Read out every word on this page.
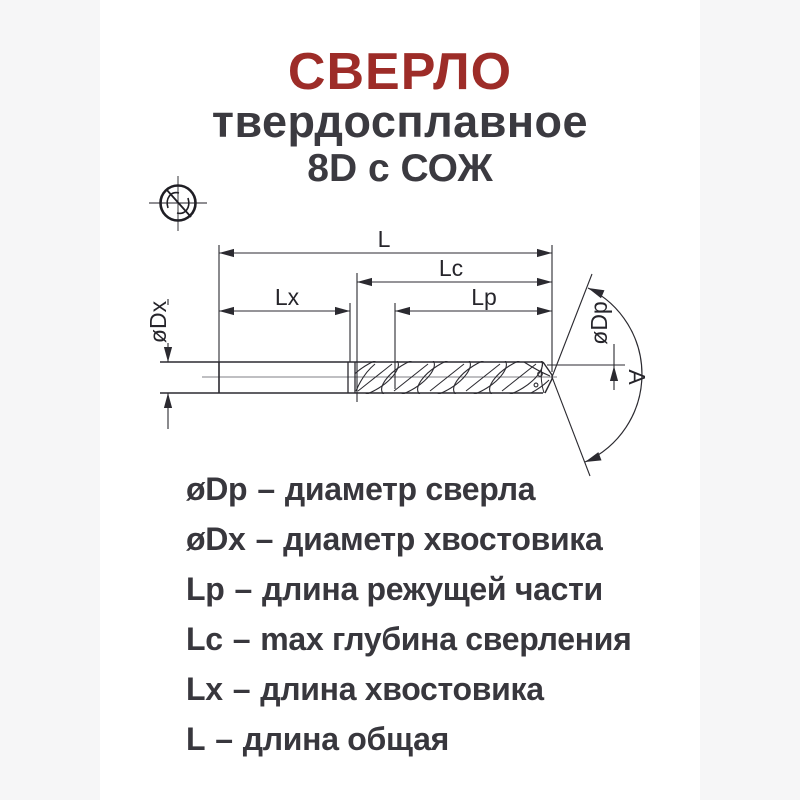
СВЕРЛО
твердосплавное
8D с СОЖ
L
Lc
Lx	Lp
øDx	øDp
A
øDp – диаметр сверла
øDx – диаметр хвостовика
Lp – длина режущей части
Lc – max глубина сверления
Lx – длина хвостовика
L – длина общая
